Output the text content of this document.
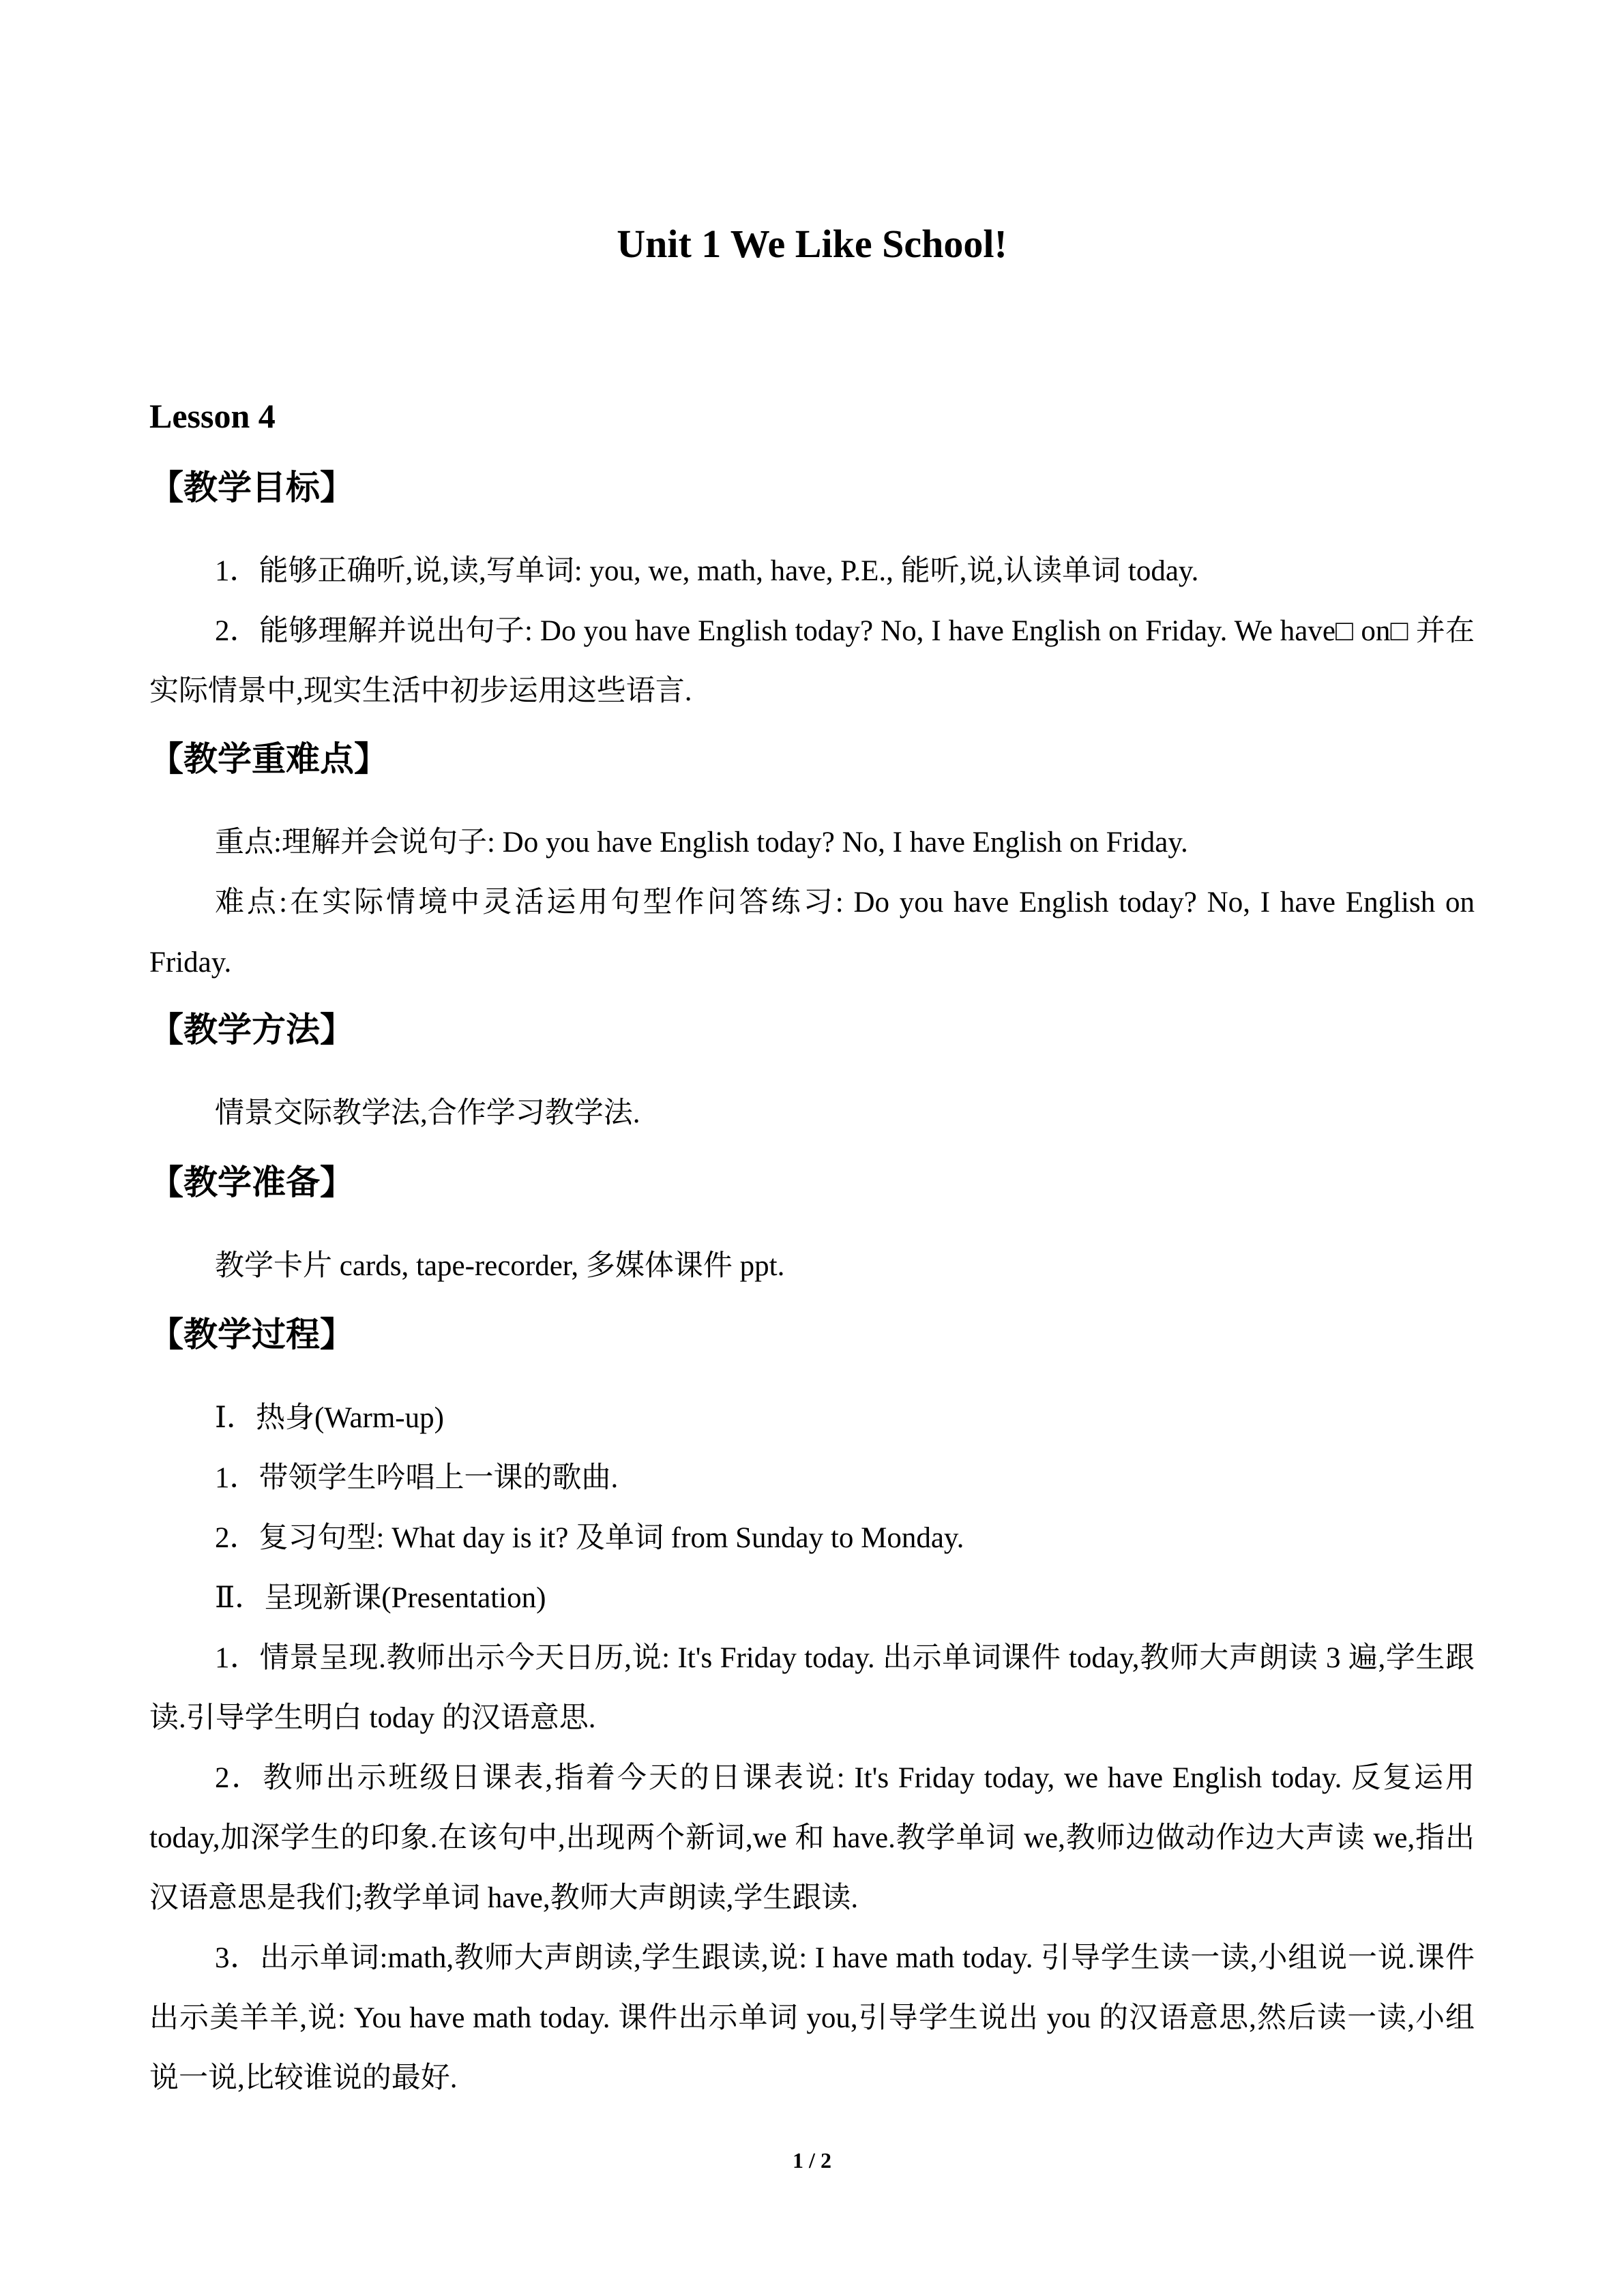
Unit 1 We Like School!
Lesson 4
【教学目标】
1．能够正确听,说,读,写单词: you, we, math, have, P.E., 能听,说,认读单词 today.
2．能够理解并说出句子: Do you have English today? No, I have English on Friday. We have□ on□ 并在实际情景中,现实生活中初步运用这些语言.
【教学重难点】
重点:理解并会说句子: Do you have English today? No, I have English on Friday.
难点:在实际情境中灵活运用句型作问答练习: Do you have English today? No, I have English on Friday.
【教学方法】
情景交际教学法,合作学习教学法.
【教学准备】
教学卡片 cards, tape-recorder, 多媒体课件 ppt.
【教学过程】
Ⅰ．热身(Warm-up)
1．带领学生吟唱上一课的歌曲.
2．复习句型: What day is it? 及单词 from Sunday to Monday.
Ⅱ．呈现新课(Presentation)
1．情景呈现.教师出示今天日历,说: It's Friday today. 出示单词课件 today,教师大声朗读 3 遍,学生跟读.引导学生明白 today 的汉语意思.
2．教师出示班级日课表,指着今天的日课表说: It's Friday today, we have English today. 反复运用 today,加深学生的印象.在该句中,出现两个新词,we 和 have.教学单词 we,教师边做动作边大声读 we,指出汉语意思是我们;教学单词 have,教师大声朗读,学生跟读.
3．出示单词:math,教师大声朗读,学生跟读,说: I have math today. 引导学生读一读,小组说一说.课件出示美羊羊,说: You have math today. 课件出示单词 you,引导学生说出 you 的汉语意思,然后读一读,小组说一说,比较谁说的最好.
1 / 2
